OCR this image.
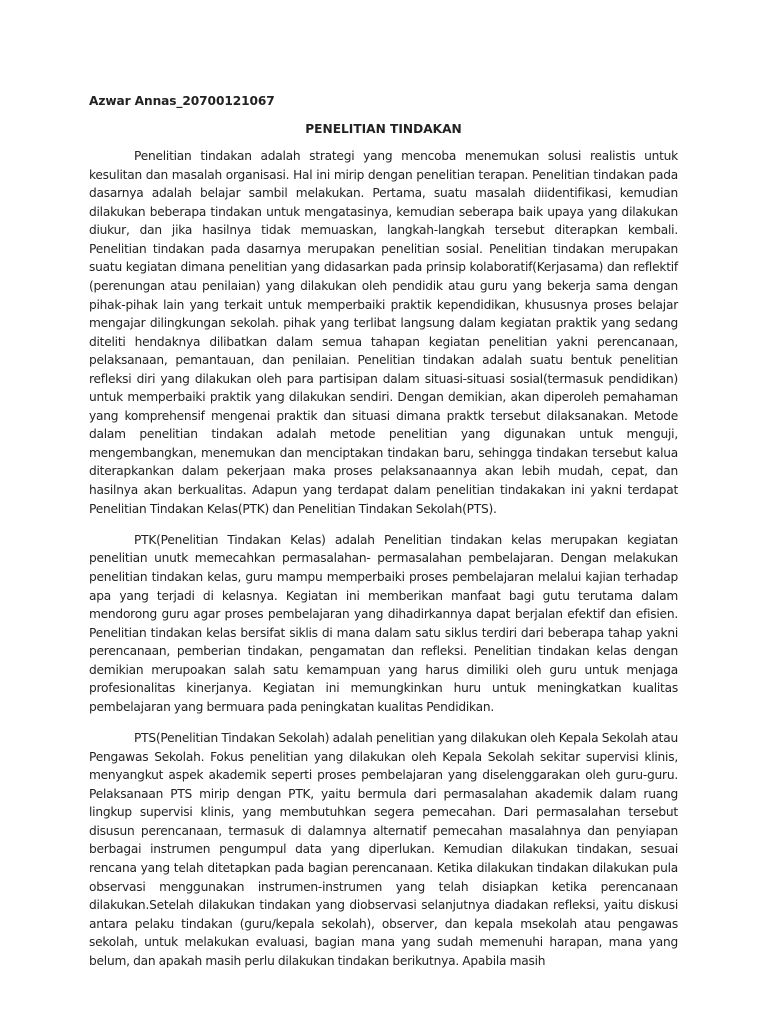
Azwar Annas_20700121067

PENELITIAN TINDAKAN

Penelitian tindakan adalah strategi yang mencoba menemukan solusi realistis untuk kesulitan dan masalah organisasi. Hal ini mirip dengan penelitian terapan. Penelitian tindakan pada dasarnya adalah belajar sambil melakukan. Pertama, suatu masalah diidentifikasi, kemudian dilakukan beberapa tindakan untuk mengatasinya, kemudian seberapa baik upaya yang dilakukan diukur, dan jika hasilnya tidak memuaskan, langkah-langkah tersebut diterapkan kembali. Penelitian tindakan pada dasarnya merupakan penelitian sosial. Penelitian tindakan merupakan suatu kegiatan dimana penelitian yang didasarkan pada prinsip kolaboratif(Kerjasama) dan reflektif (perenungan atau penilaian) yang dilakukan oleh pendidik atau guru yang bekerja sama dengan pihak-pihak lain yang terkait untuk memperbaiki praktik kependidikan, khususnya proses belajar mengajar dilingkungan sekolah. pihak yang terlibat langsung dalam kegiatan praktik yang sedang diteliti hendaknya dilibatkan dalam semua tahapan kegiatan penelitian yakni perencanaan, pelaksanaan, pemantauan, dan penilaian. Penelitian tindakan adalah suatu bentuk penelitian refleksi diri yang dilakukan oleh para partisipan dalam situasi-situasi sosial(termasuk pendidikan) untuk memperbaiki praktik yang dilakukan sendiri. Dengan demikian, akan diperoleh pemahaman yang komprehensif mengenai praktik dan situasi dimana praktk tersebut dilaksanakan. Metode dalam penelitian tindakan adalah metode penelitian yang digunakan untuk menguji, mengembangkan, menemukan dan menciptakan tindakan baru, sehingga tindakan tersebut kalua diterapkankan dalam pekerjaan maka proses pelaksanaannya akan lebih mudah, cepat, dan hasilnya akan berkualitas. Adapun yang terdapat dalam penelitian tindakakan ini yakni terdapat Penelitian Tindakan Kelas(PTK) dan Penelitian Tindakan Sekolah(PTS).

PTK(Penelitian Tindakan Kelas) adalah Penelitian tindakan kelas merupakan kegiatan penelitian unutk memecahkan permasalahan- permasalahan pembelajaran. Dengan melakukan penelitian tindakan kelas, guru mampu memperbaiki proses pembelajaran melalui kajian terhadap apa yang terjadi di kelasnya. Kegiatan ini memberikan manfaat bagi gutu terutama dalam mendorong guru agar proses pembelajaran yang dihadirkannya dapat berjalan efektif dan efisien. Penelitian tindakan kelas bersifat siklis di mana dalam satu siklus terdiri dari beberapa tahap yakni perencanaan, pemberian tindakan, pengamatan dan refleksi. Penelitian tindakan kelas dengan demikian merupoakan salah satu kemampuan yang harus dimiliki oleh guru untuk menjaga profesionalitas kinerjanya. Kegiatan ini memungkinkan huru untuk meningkatkan kualitas pembelajaran yang bermuara pada peningkatan kualitas Pendidikan.

PTS(Penelitian Tindakan Sekolah) adalah penelitian yang dilakukan oleh Kepala Sekolah atau Pengawas Sekolah. Fokus penelitian yang dilakukan oleh Kepala Sekolah sekitar supervisi klinis, menyangkut aspek akademik seperti proses pembelajaran yang diselenggarakan oleh guru-guru. Pelaksanaan PTS mirip dengan PTK, yaitu bermula dari permasalahan akademik dalam ruang lingkup supervisi klinis, yang membutuhkan segera pemecahan. Dari permasalahan tersebut disusun perencanaan, termasuk di dalamnya alternatif pemecahan masalahnya dan penyiapan berbagai instrumen pengumpul data yang diperlukan. Kemudian dilakukan tindakan, sesuai rencana yang telah ditetapkan pada bagian perencanaan. Ketika dilakukan tindakan dilakukan pula observasi menggunakan instrumen-instrumen yang telah disiapkan ketika perencanaan dilakukan.Setelah dilakukan tindakan yang diobservasi selanjutnya diadakan refleksi, yaitu diskusi antara pelaku tindakan (guru/kepala sekolah), observer, dan kepala msekolah atau pengawas sekolah, untuk melakukan evaluasi, bagian mana yang sudah memenuhi harapan, mana yang belum, dan apakah masih perlu dilakukan tindakan berikutnya. Apabila masih
